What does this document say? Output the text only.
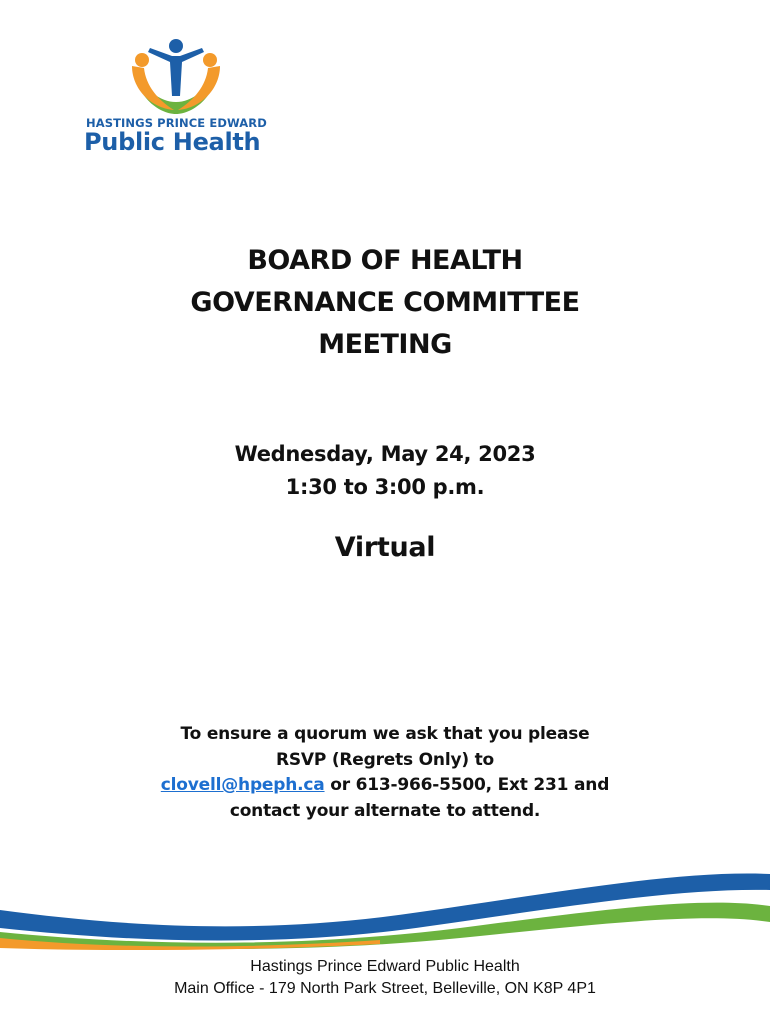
HASTINGS PRINCE EDWARD
Public Health
BOARD OF HEALTH
GOVERNANCE COMMITTEE
MEETING
Wednesday, May 24, 2023
1:30 to 3:00 p.m.
Virtual
To ensure a quorum we ask that you please
RSVP (Regrets Only) to
clovell@hpeph.ca or 613-966-5500, Ext 231 and
contact your alternate to attend.
Hastings Prince Edward Public Health
Main Office - 179 North Park Street, Belleville, ON K8P 4P1
